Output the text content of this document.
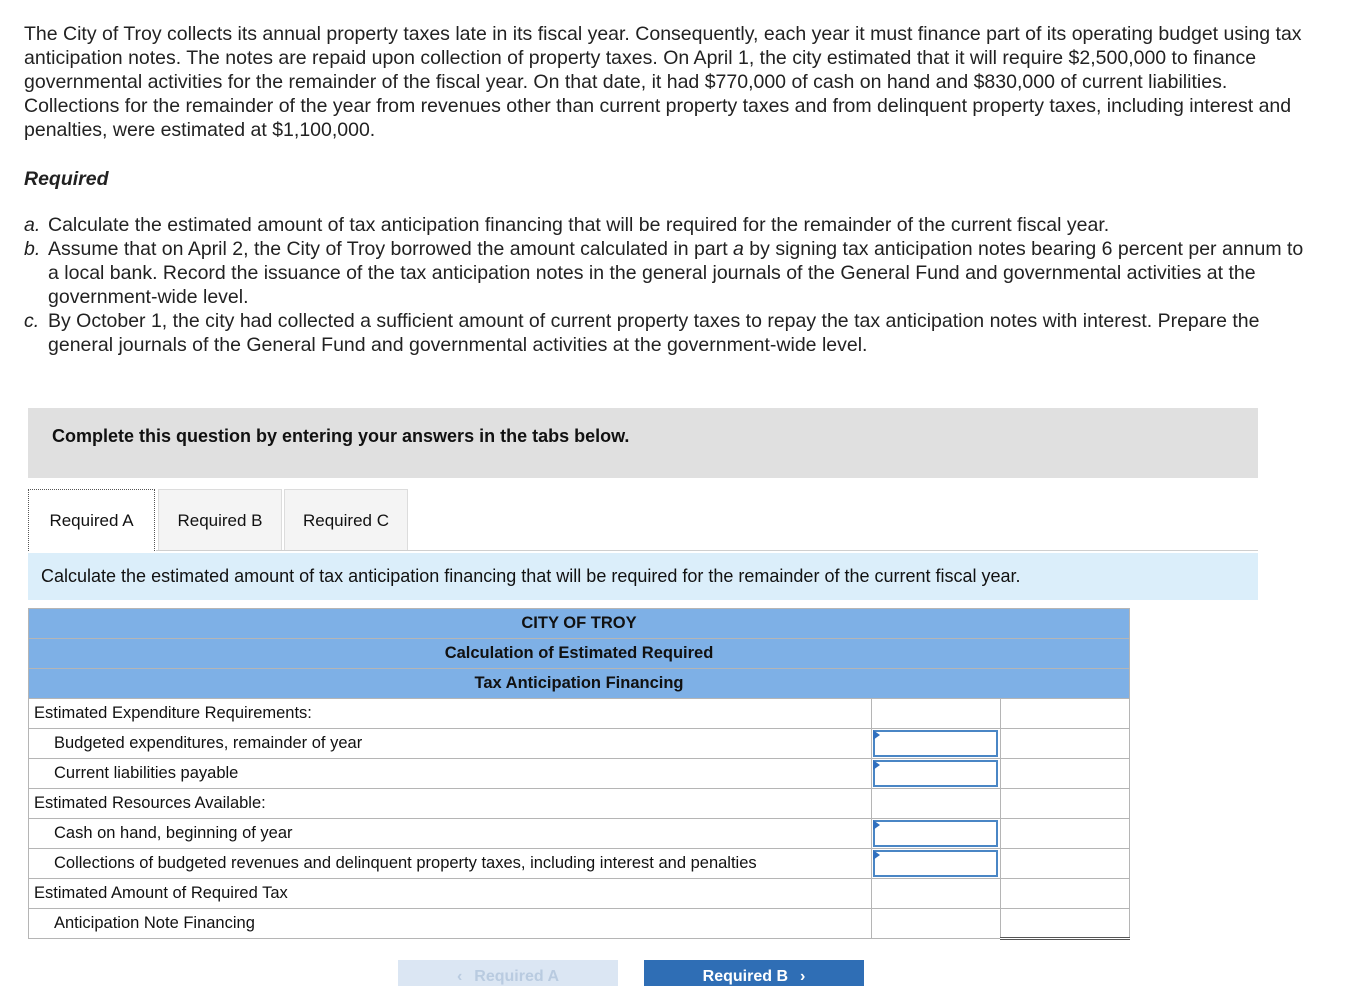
The City of Troy collects its annual property taxes late in its fiscal year. Consequently, each year it must finance part of its operating budget using tax anticipation notes. The notes are repaid upon collection of property taxes. On April 1, the city estimated that it will require $2,500,000 to finance governmental activities for the remainder of the fiscal year. On that date, it had $770,000 of cash on hand and $830,000 of current liabilities. Collections for the remainder of the year from revenues other than current property taxes and from delinquent property taxes, including interest and penalties, were estimated at $1,100,000.

Required

a. Calculate the estimated amount of tax anticipation financing that will be required for the remainder of the current fiscal year.

b. Assume that on April 2, the City of Troy borrowed the amount calculated in part a by signing tax anticipation notes bearing 6 percent per annum to a local bank. Record the issuance of the tax anticipation notes in the general journals of the General Fund and governmental activities at the government-wide level.

c. By October 1, the city had collected a sufficient amount of current property taxes to repay the tax anticipation notes with interest. Prepare the general journals of the General Fund and governmental activities at the government-wide level.

Complete this question by entering your answers in the tabs below.
Required A	Required B	Required C
Calculate the estimated amount of tax anticipation financing that will be required for the remainder of the current fiscal year.
CITY OF TROY		
Calculation of Estimated Required		
Tax Anticipation Financing		
Estimated Expenditure Requirements:		
Budgeted expenditures, remainder of year	

Current liabilities payable	

Estimated Resources Available:		
Cash on hand, beginning of year	

Collections of budgeted revenues and delinquent property taxes, including interest and penalties	

Estimated Amount of Required Tax		
Anticipation Note Financing		
‹ Required A	Required B ›
